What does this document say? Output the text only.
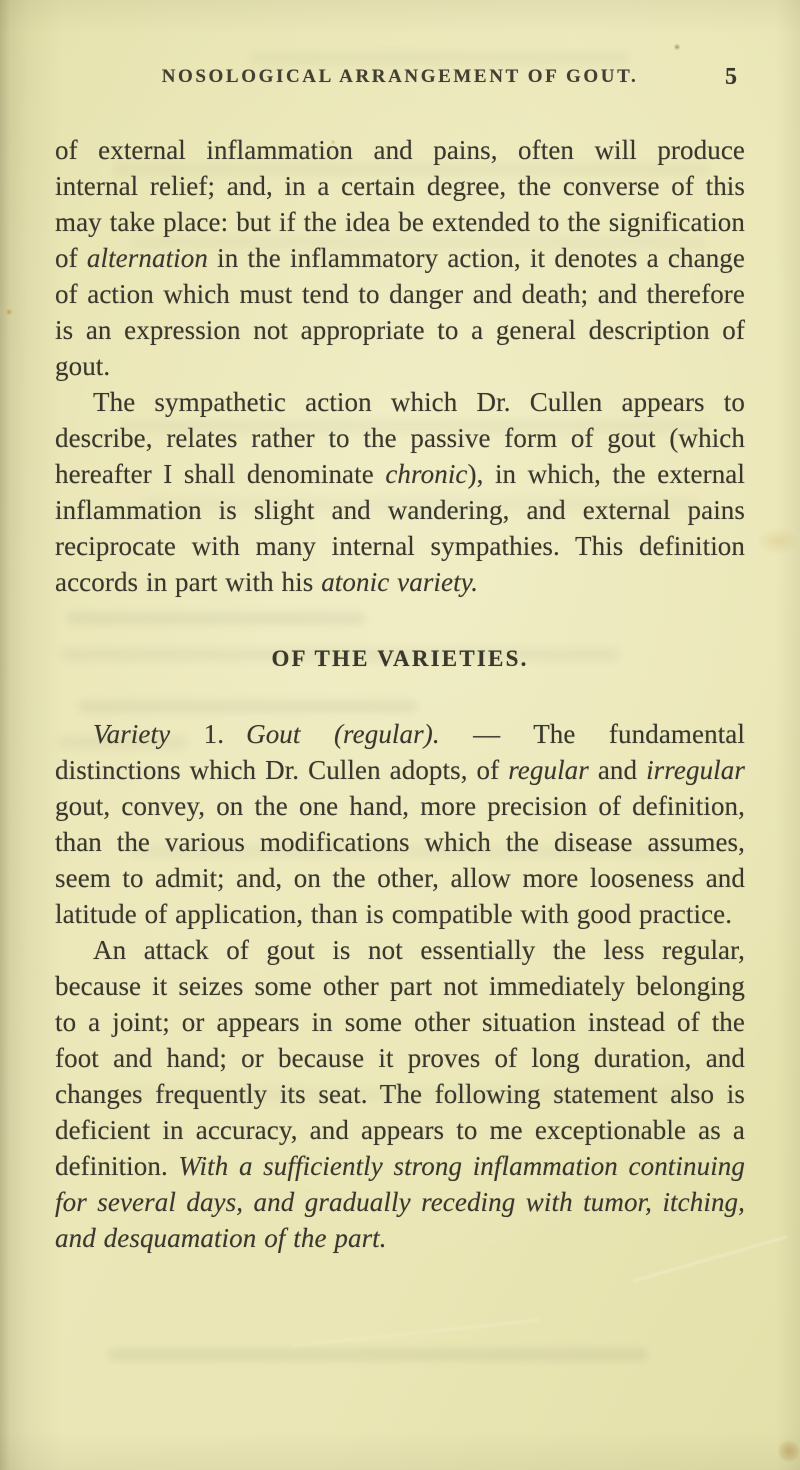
NOSOLOGICAL ARRANGEMENT OF GOUT.	5

of external inflammation and pains, often will produce internal relief; and, in a certain degree, the converse of this may take place: but if the idea be extended to the signification of alternation in the inflammatory action, it denotes a change of action which must tend to danger and death; and therefore is an expression not appropriate to a general description of gout.

The sympathetic action which Dr. Cullen appears to describe, relates rather to the passive form of gout (which hereafter I shall denominate chronic), in which, the external inflammation is slight and wandering, and external pains reciprocate with many internal sympathies. This definition accords in part with his atonic variety.

OF THE VARIETIES.

Variety 1. Gout (regular). — The fundamental distinctions which Dr. Cullen adopts, of regular and irregular gout, convey, on the one hand, more precision of definition, than the various modifications which the disease assumes, seem to admit; and, on the other, allow more looseness and latitude of application, than is compatible with good practice.

An attack of gout is not essentially the less regular, because it seizes some other part not immediately belonging to a joint; or appears in some other situation instead of the foot and hand; or because it proves of long duration, and changes frequently its seat. The following statement also is deficient in accuracy, and appears to me exceptionable as a definition. With a sufficiently strong inflammation continuing for several days, and gradually receding with tumor, itching, and desquamation of the part.
